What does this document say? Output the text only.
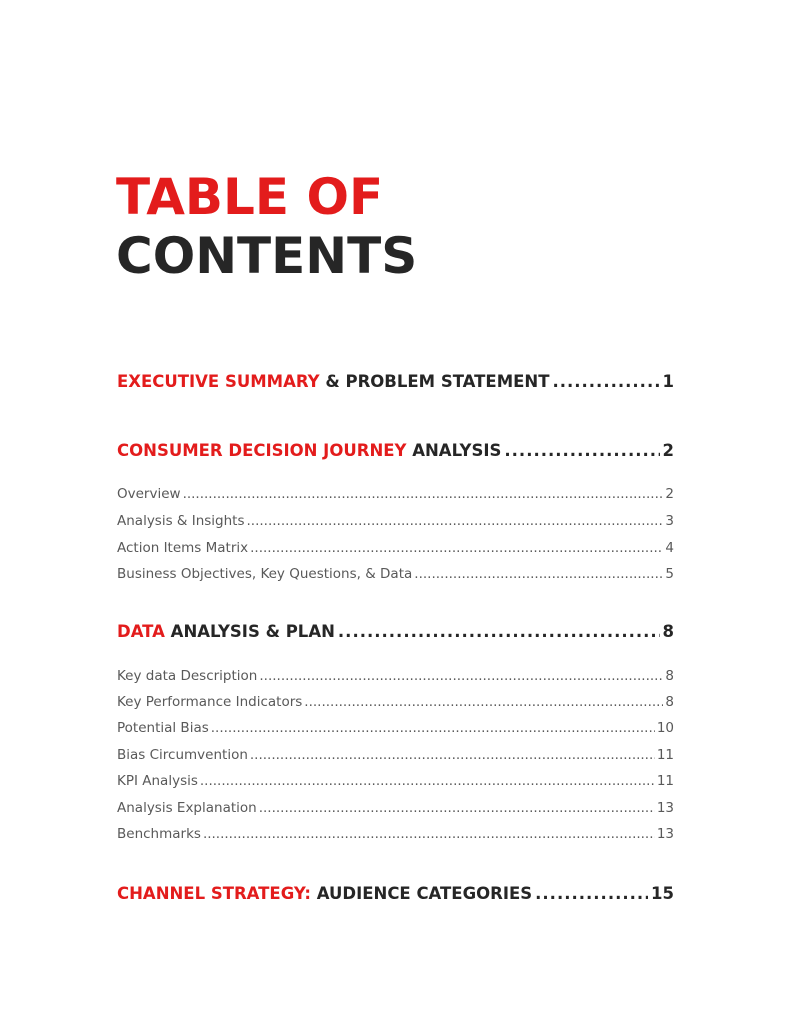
TABLE OF
CONTENTS
EXECUTIVE SUMMARY & PROBLEM STATEMENT .....	1
CONSUMER DECISION JOURNEY ANALYSIS .....	2
Overview .....	2
Analysis & Insights .....	3
Action Items Matrix .....	4
Business Objectives, Key Questions, & Data .....	5
DATA ANALYSIS & PLAN .....	8
Key data Description .....	8
Key Performance Indicators .....	8
Potential Bias .....	10
Bias Circumvention .....	11
KPI Analysis .....	11
Analysis Explanation .....	13
Benchmarks .....	13
CHANNEL STRATEGY: AUDIENCE CATEGORIES .....	15
